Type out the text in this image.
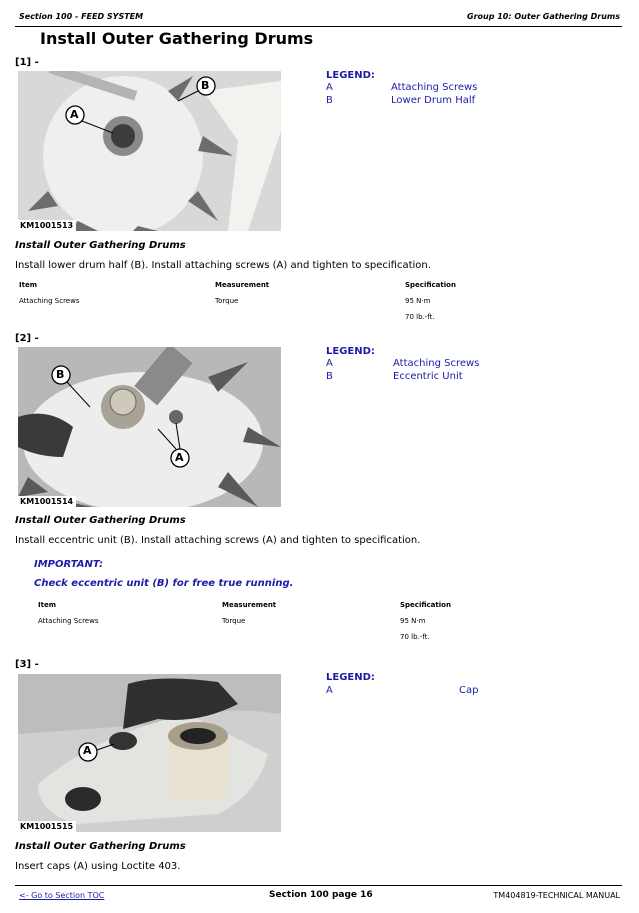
Section 100 - FEED SYSTEM	Group 10: Outer Gathering Drums
Install Outer Gathering Drums
[1] -
A
B
KM1001513
LEGEND:
A	Attaching Screws
B	Lower Drum Half
Install Outer Gathering Drums
Install lower drum half (B). Install attaching screws (A) and tighten to specification.
Item	Measurement	Specification
Attaching Screws	Torque	95 N·m
70 lb.-ft.
[2] -
B
A
KM1001514
LEGEND:
A	Attaching Screws
B	Eccentric Unit
Install Outer Gathering Drums
Install eccentric unit (B). Install attaching screws (A) and tighten to specification.
IMPORTANT:
Check eccentric unit (B) for free true running.
Item	Measurement	Specification
Attaching Screws	Torque	95 N·m
70 lb.-ft.
[3] -
A
KM1001515
LEGEND:
A	Cap
Install Outer Gathering Drums
Insert caps (A) using Loctite 403.
<- Go to Section TOC	Section 100 page 16	TM404819-TECHNICAL MANUAL
